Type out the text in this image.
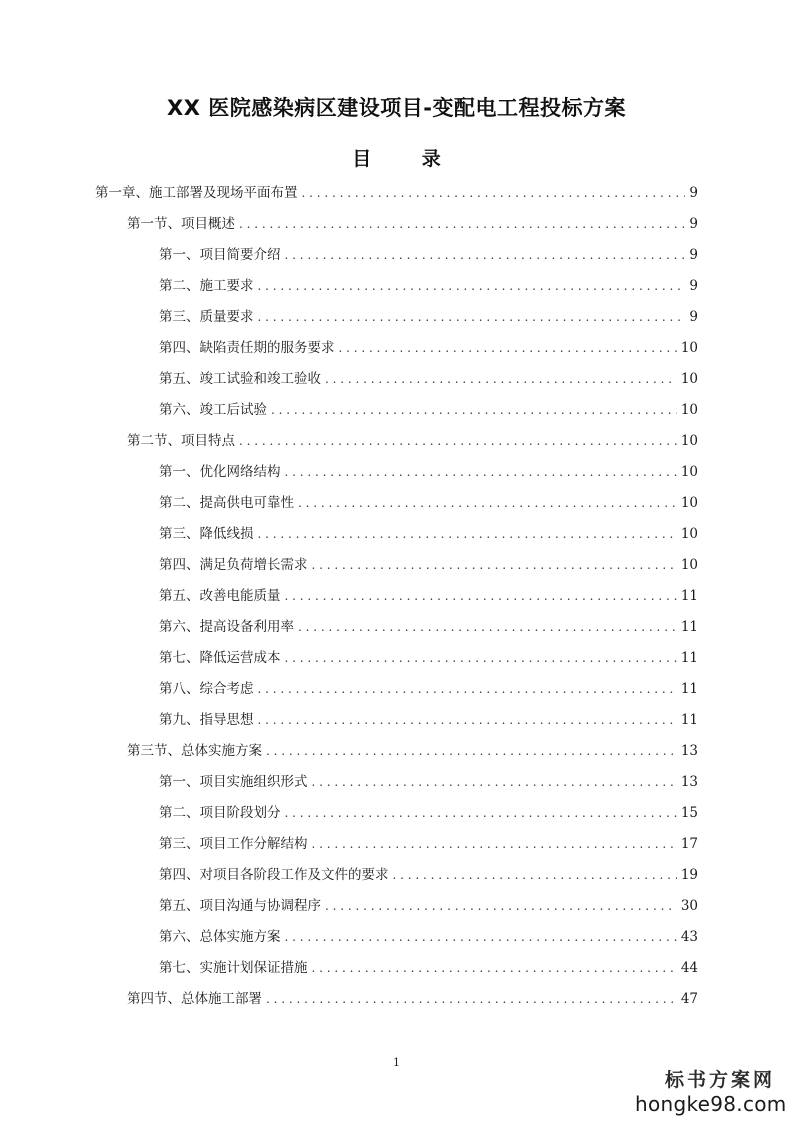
XX 医院感染病区建设项目-变配电工程投标方案
目 录
第一章、施工部署及现场平面布置 . . .	9
第一节、项目概述 . . .	9
第一、项目简要介绍 . . .	9
第二、施工要求 . . .	9
第三、质量要求 . . .	9
第四、缺陷责任期的服务要求 . . .	10
第五、竣工试验和竣工验收 . . .	10
第六、竣工后试验 . . .	10
第二节、项目特点 . . .	10
第一、优化网络结构 . . .	10
第二、提高供电可靠性 . . .	10
第三、降低线损 . . .	10
第四、满足负荷增长需求 . . .	10
第五、改善电能质量 . . .	11
第六、提高设备利用率 . . .	11
第七、降低运营成本 . . .	11
第八、综合考虑 . . .	11
第九、指导思想 . . .	11
第三节、总体实施方案 . . .	13
第一、项目实施组织形式 . . .	13
第二、项目阶段划分 . . .	15
第三、项目工作分解结构 . . .	17
第四、对项目各阶段工作及文件的要求 . . .	19
第五、项目沟通与协调程序 . . .	30
第六、总体实施方案 . . .	43
第七、实施计划保证措施 . . .	44
第四节、总体施工部署 . . .	47
1
标书方案网
hongke98.com
